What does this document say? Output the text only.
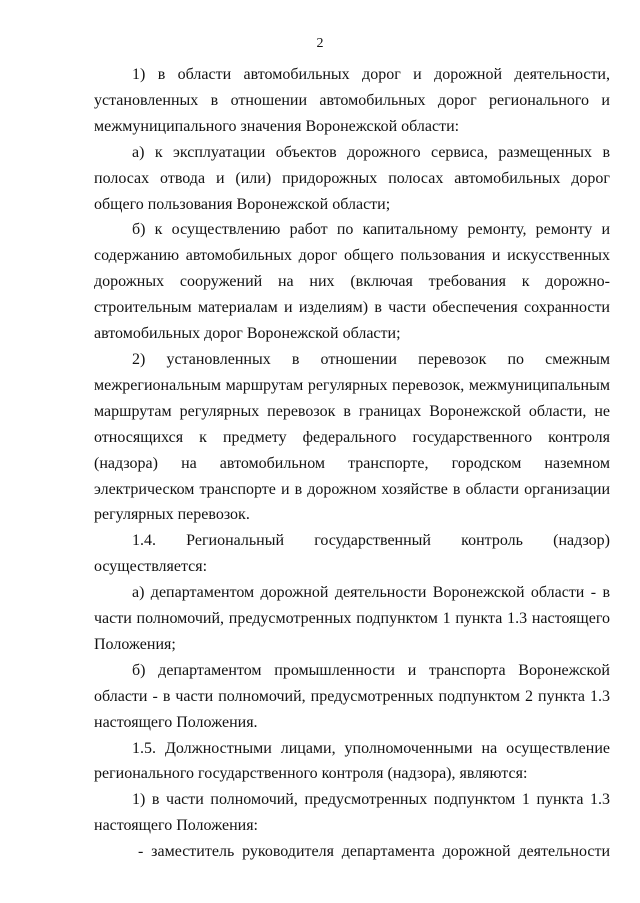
2

1) в области автомобильных дорог и дорожной деятельности, установленных в отношении автомобильных дорог регионального и межмуниципального значения Воронежской области:

а) к эксплуатации объектов дорожного сервиса, размещенных в полосах отвода и (или) придорожных полосах автомобильных дорог общего пользования Воронежской области;

б) к осуществлению работ по капитальному ремонту, ремонту и содержанию автомобильных дорог общего пользования и искусственных дорожных сооружений на них (включая требования к дорожно-строительным материалам и изделиям) в части обеспечения сохранности автомобильных дорог Воронежской области;

2) установленных в отношении перевозок по смежным межрегиональным маршрутам регулярных перевозок, межмуниципальным маршрутам регулярных перевозок в границах Воронежской области, не относящихся к предмету федерального государственного контроля (надзора) на автомобильном транспорте, городском наземном электрическом транспорте и в дорожном хозяйстве в области организации регулярных перевозок.

1.4. Региональный государственный контроль (надзор) осуществляется:

а) департаментом дорожной деятельности Воронежской области - в части полномочий, предусмотренных подпунктом 1 пункта 1.3 настоящего Положения;

б) департаментом промышленности и транспорта Воронежской области - в части полномочий, предусмотренных подпунктом 2 пункта 1.3 настоящего Положения.

1.5. Должностными лицами, уполномоченными на осуществление регионального государственного контроля (надзора), являются:

1) в части полномочий, предусмотренных подпунктом 1 пункта 1.3 настоящего Положения:

- заместитель руководителя департамента дорожной деятельности
